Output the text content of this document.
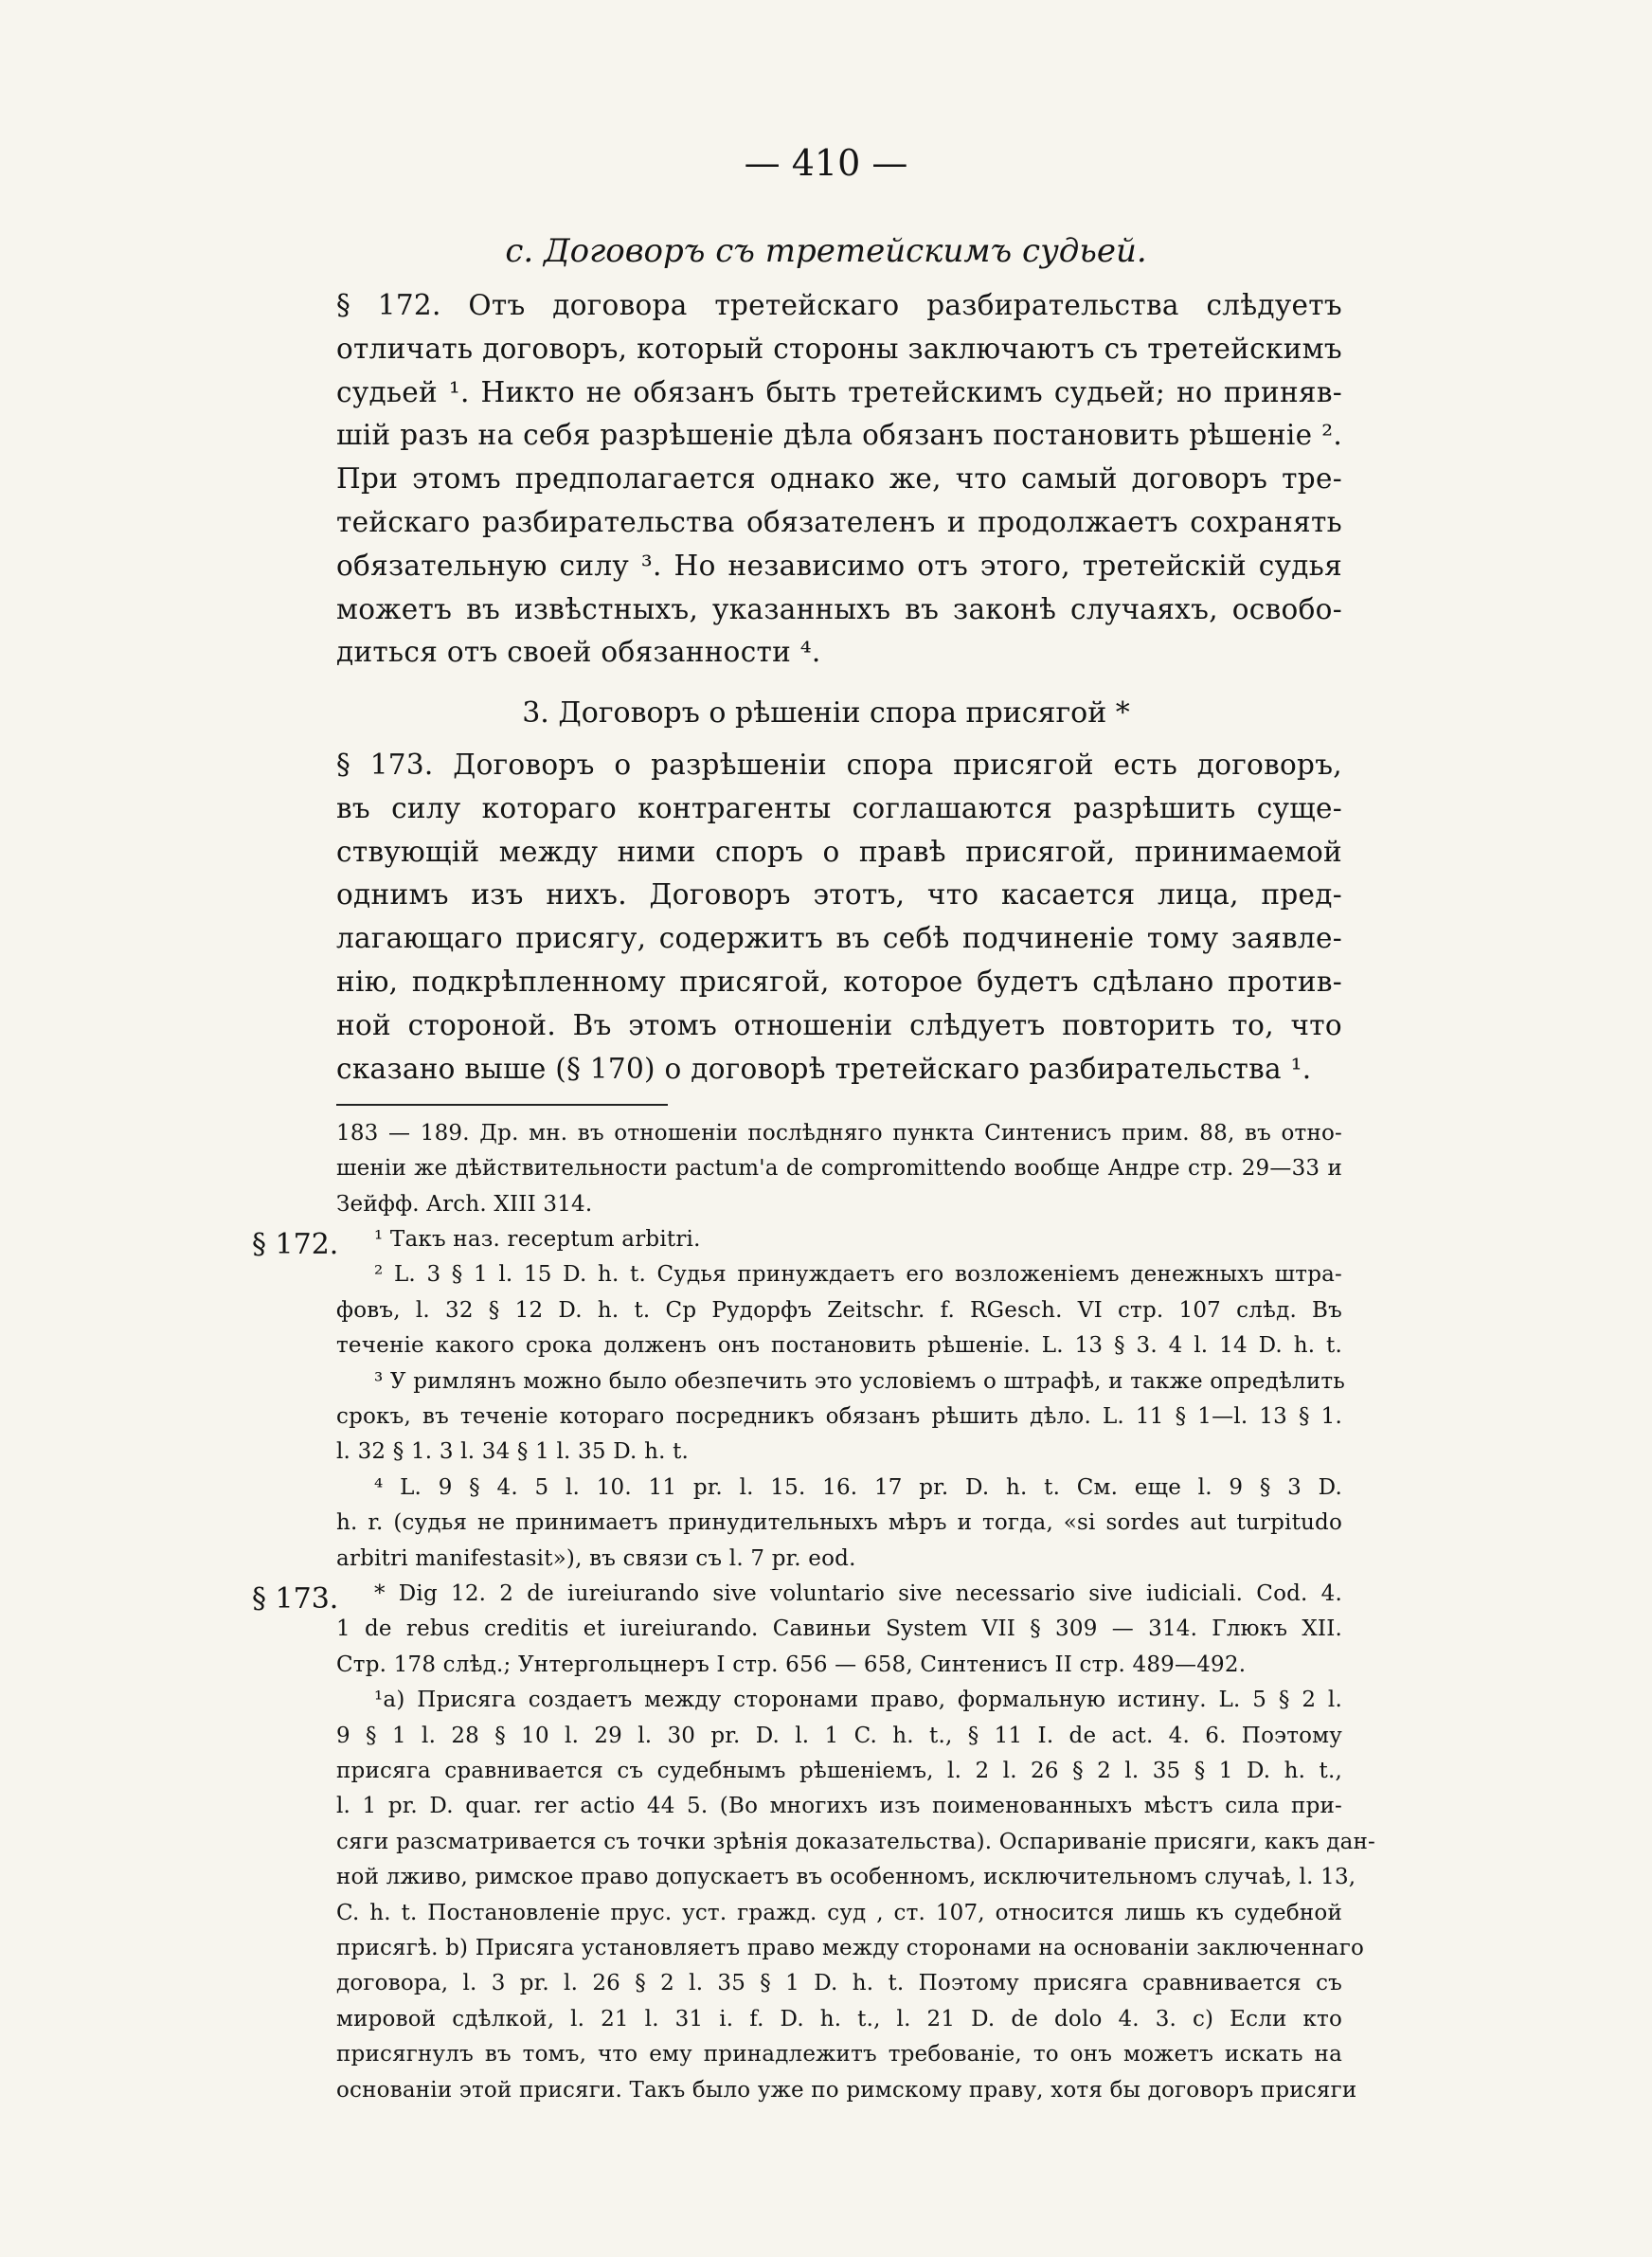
— 410 —
c. Договоръ съ третейскимъ судьей.
§ 172. Отъ договора третейскаго разбирательства слѣдуетъ
отличать договоръ, который стороны заключаютъ съ третейскимъ
судьей ¹. Никто не обязанъ быть третейскимъ судьей; но приняв-
шій разъ на себя разрѣшеніе дѣла обязанъ постановить рѣшеніе ².
При этомъ предполагается однако же, что самый договоръ тре-
тейскаго разбирательства обязателенъ и продолжаетъ сохранять
обязательную силу ³. Но независимо отъ этого, третейскій судья
можетъ въ извѣстныхъ, указанныхъ въ законѣ случаяхъ, освобо-
диться отъ своей обязанности ⁴.
3. Договоръ о рѣшеніи спора присягой *
§ 173. Договоръ о разрѣшеніи спора присягой есть договоръ,
въ силу котораго контрагенты соглашаются разрѣшить суще-
ствующій между ними споръ о правѣ присягой, принимаемой
однимъ изъ нихъ. Договоръ этотъ, что касается лица, пред-
лагающаго присягу, содержитъ въ себѣ подчиненіе тому заявле-
нію, подкрѣпленному присягой, которое будетъ сдѣлано против-
ной стороной. Въ этомъ отношеніи слѣдуетъ повторить то, что
сказано выше (§ 170) о договорѣ третейскаго разбирательства ¹.
183 — 189. Др. мн. въ отношеніи послѣдняго пункта Синтенисъ прим. 88, въ отно-
шеніи же дѣйствительности pactum'a de compromittendo вообще Андре стр. 29—33 и
Зейфф. Arch. XIII 314.
§ 172.	¹ Такъ наз. receptum arbitri.
² L. 3 § 1 l. 15 D. h. t. Судья принуждаетъ его возложеніемъ денежныхъ штра-
фовъ, l. 32 § 12 D. h. t. Ср Рудорфъ Zeitschr. f. RGesch. VI стр. 107 слѣд. Въ
теченіе какого срока долженъ онъ постановить рѣшеніе. L. 13 § 3. 4 l. 14 D. h. t.
³ У римлянъ можно было обезпечить это условіемъ о штрафѣ, и также опредѣлить
срокъ, въ теченіе котораго посредникъ обязанъ рѣшить дѣло. L. 11 § 1—l. 13 § 1.
l. 32 § 1. 3 l. 34 § 1 l. 35 D. h. t.
⁴ L. 9 § 4. 5 l. 10. 11 pr. l. 15. 16. 17 pr. D. h. t. См. еще l. 9 § 3 D.
h. r. (судья не принимаетъ принудительныхъ мѣръ и тогда, «si sordes aut turpitudo
arbitri manifestasit»), въ связи съ l. 7 pr. eod.
§ 173.	* Dig 12. 2 de iureiurando sive voluntario sive necessario sive iudiciali. Cod. 4.
1 de rebus creditis et iureiurando. Савиньи System VII § 309 — 314. Глюкъ XII.
Стр. 178 слѣд.; Унтергольцнеръ I стр. 656 — 658, Синтенисъ II стр. 489—492.
¹а) Присяга создаетъ между сторонами право, формальную истину. L. 5 § 2 l.
9 § 1 l. 28 § 10 l. 29 l. 30 pr. D. l. 1 C. h. t., § 11 I. de act. 4. 6. Поэтому
присяга сравнивается съ судебнымъ рѣшеніемъ, l. 2 l. 26 § 2 l. 35 § 1 D. h. t.,
l. 1 pr. D. quar. rer actio 44 5. (Во многихъ изъ поименованныхъ мѣстъ сила при-
сяги разсматривается съ точки зрѣнія доказательства). Оспариваніе присяги, какъ дан-
ной лживо, римское право допускаетъ въ особенномъ, исключительномъ случаѣ, l. 13,
C. h. t. Постановленіе прус. уст. гражд. суд , ст. 107, относится лишь къ судебной
присягѣ. b) Присяга установляетъ право между сторонами на основаніи заключеннаго
договора, l. 3 pr. l. 26 § 2 l. 35 § 1 D. h. t. Поэтому присяга сравнивается съ
мировой сдѣлкой, l. 21 l. 31 i. f. D. h. t., l. 21 D. de dolo 4. 3. c) Если кто
присягнулъ въ томъ, что ему принадлежитъ требованіе, то онъ можетъ искать на
основаніи этой присяги. Такъ было уже по римскому праву, хотя бы договоръ присяги
